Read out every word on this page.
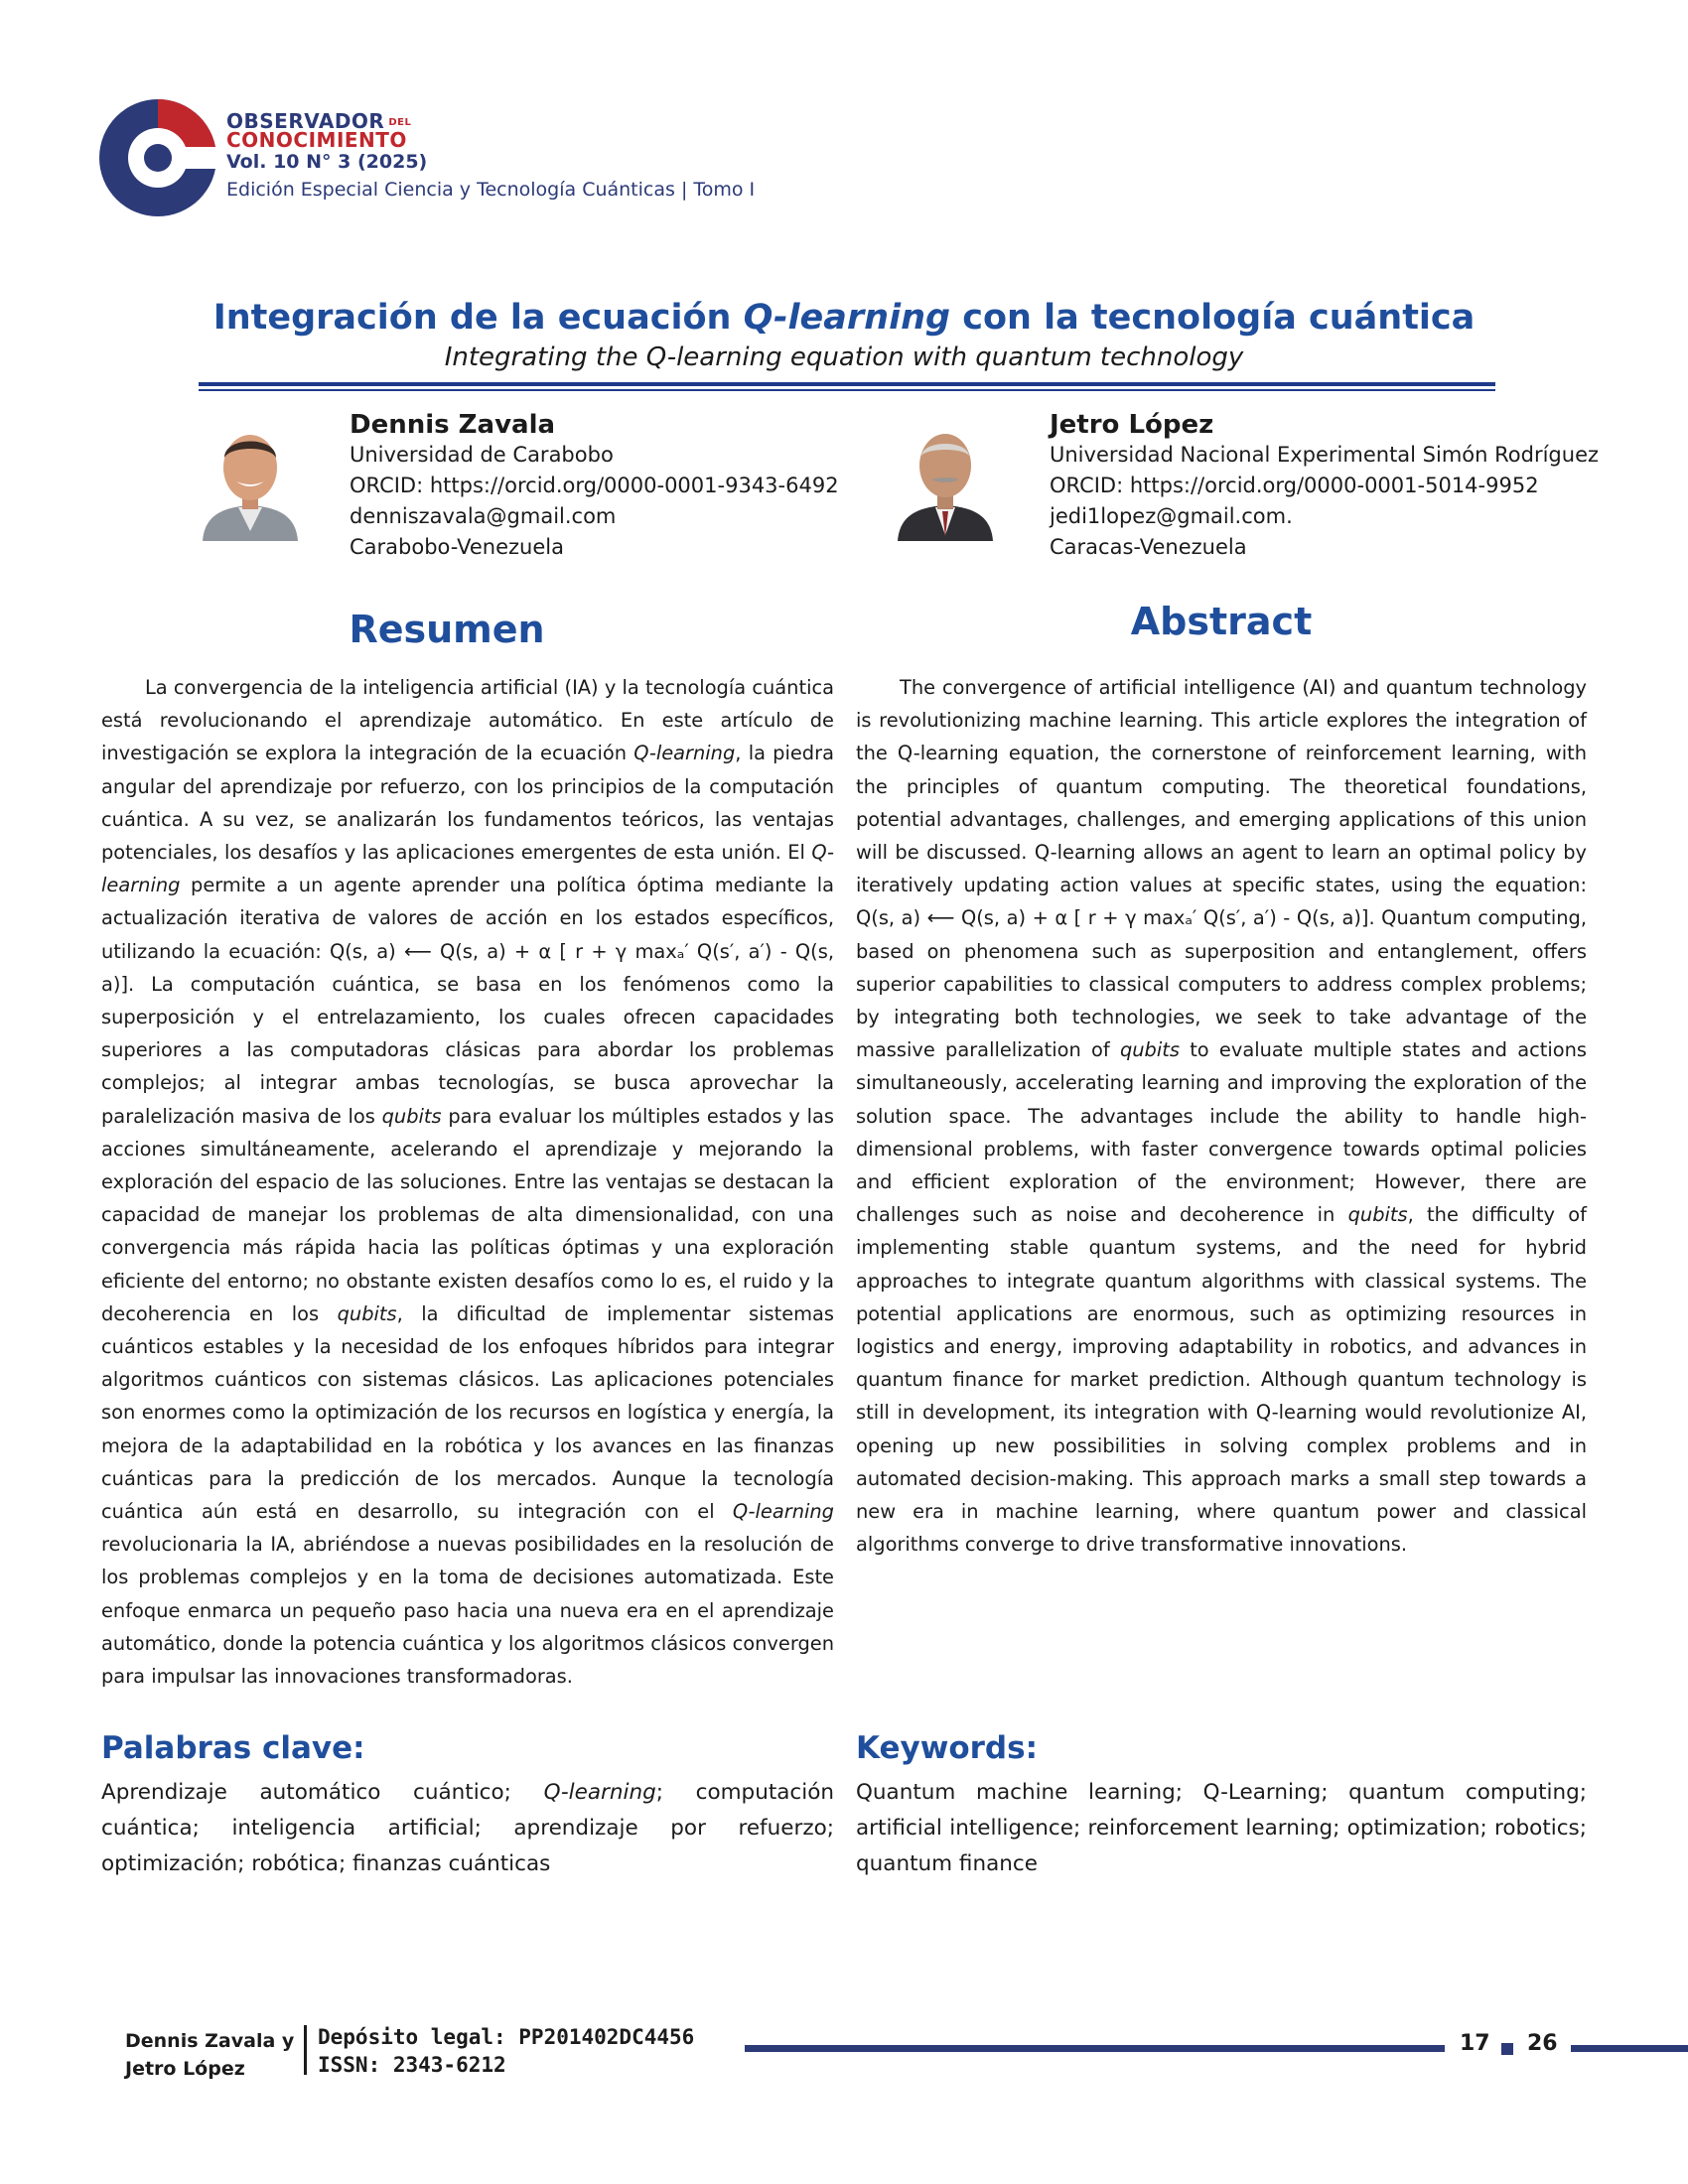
OBSERVADOR DEL
CONOCIMIENTO
Vol. 10 N° 3 (2025)
Edición Especial Ciencia y Tecnología Cuánticas | Tomo I
Integración de la ecuación Q-learning con la tecnología cuántica
Integrating the Q-learning equation with quantum technology
Dennis Zavala
Universidad de Carabobo
ORCID: https://orcid.org/0000-0001-9343-6492
denniszavala@gmail.com
Carabobo-Venezuela
Jetro López
Universidad Nacional Experimental Simón Rodríguez
ORCID: https://orcid.org/0000-0001-5014-9952
jedi1lopez@gmail.com.
Caracas-Venezuela
Resumen	Abstract

La convergencia de la inteligencia artificial (IA) y la tecnología cuántica está revolucionando el aprendizaje automático. En este artículo de investigación se explora la integración de la ecuación Q-learning, la piedra angular del aprendizaje por refuerzo, con los principios de la computación cuántica. A su vez, se analizarán los fundamentos teóricos, las ventajas potenciales, los desafíos y las aplicaciones emergentes de esta unión. El Q-learning permite a un agente aprender una política óptima mediante la actualización iterativa de valores de acción en los estados específicos, utilizando la ecuación: Q(s, a) ⟵ Q(s, a) + α [ r + γ maxₐ′ Q(s′, a′) - Q(s, a)]. La computación cuántica, se basa en los fenómenos como la superposición y el entrelazamiento, los cuales ofrecen capacidades superiores a las computadoras clásicas para abordar los problemas complejos; al integrar ambas tecnologías, se busca aprovechar la paralelización masiva de los qubits para evaluar los múltiples estados y las acciones simultáneamente, acelerando el aprendizaje y mejorando la exploración del espacio de las soluciones. Entre las ventajas se destacan la capacidad de manejar los problemas de alta dimensionalidad, con una convergencia más rápida hacia las políticas óptimas y una exploración eficiente del entorno; no obstante existen desafíos como lo es, el ruido y la decoherencia en los qubits, la dificultad de implementar sistemas cuánticos estables y la necesidad de los enfoques híbridos para integrar algoritmos cuánticos con sistemas clásicos. Las aplicaciones potenciales son enormes como la optimización de los recursos en logística y energía, la mejora de la adaptabilidad en la robótica y los avances en las finanzas cuánticas para la predicción de los mercados. Aunque la tecnología cuántica aún está en desarrollo, su integración con el Q-learning revolucionaria la IA, abriéndose a nuevas posibilidades en la resolución de los problemas complejos y en la toma de decisiones automatizada. Este enfoque enmarca un pequeño paso hacia una nueva era en el aprendizaje automático, donde la potencia cuántica y los algoritmos clásicos convergen para impulsar las innovaciones transformadoras.

The convergence of artificial intelligence (AI) and quantum technology is revolutionizing machine learning. This article explores the integration of the Q-learning equation, the cornerstone of reinforcement learning, with the principles of quantum computing. The theoretical foundations, potential advantages, challenges, and emerging applications of this union will be discussed. Q-learning allows an agent to learn an optimal policy by iteratively updating action values at specific states, using the equation: Q(s, a) ⟵ Q(s, a) + α [ r + γ maxₐ′ Q(s′, a′) - Q(s, a)]. Quantum computing, based on phenomena such as superposition and entanglement, offers superior capabilities to classical computers to address complex problems; by integrating both technologies, we seek to take advantage of the massive parallelization of qubits to evaluate multiple states and actions simultaneously, accelerating learning and improving the exploration of the solution space. The advantages include the ability to handle high-dimensional problems, with faster convergence towards optimal policies and efficient exploration of the environment; However, there are challenges such as noise and decoherence in qubits, the difficulty of implementing stable quantum systems, and the need for hybrid approaches to integrate quantum algorithms with classical systems. The potential applications are enormous, such as optimizing resources in logistics and energy, improving adaptability in robotics, and advances in quantum finance for market prediction. Although quantum technology is still in development, its integration with Q-learning would revolutionize AI, opening up new possibilities in solving complex problems and in automated decision-making. This approach marks a small step towards a new era in machine learning, where quantum power and classical algorithms converge to drive transformative innovations.

Palabras clave:

Aprendizaje automático cuántico; Q-learning; computación cuántica; inteligencia artificial; aprendizaje por refuerzo; optimización; robótica; finanzas cuánticas

Keywords:

Quantum machine learning; Q-Learning; quantum computing; artificial intelligence; reinforcement learning; optimization; robotics; quantum finance

Dennis Zavala y
Jetro López
Depósito legal: PP201402DC4456
ISSN: 2343-6212
17 26
